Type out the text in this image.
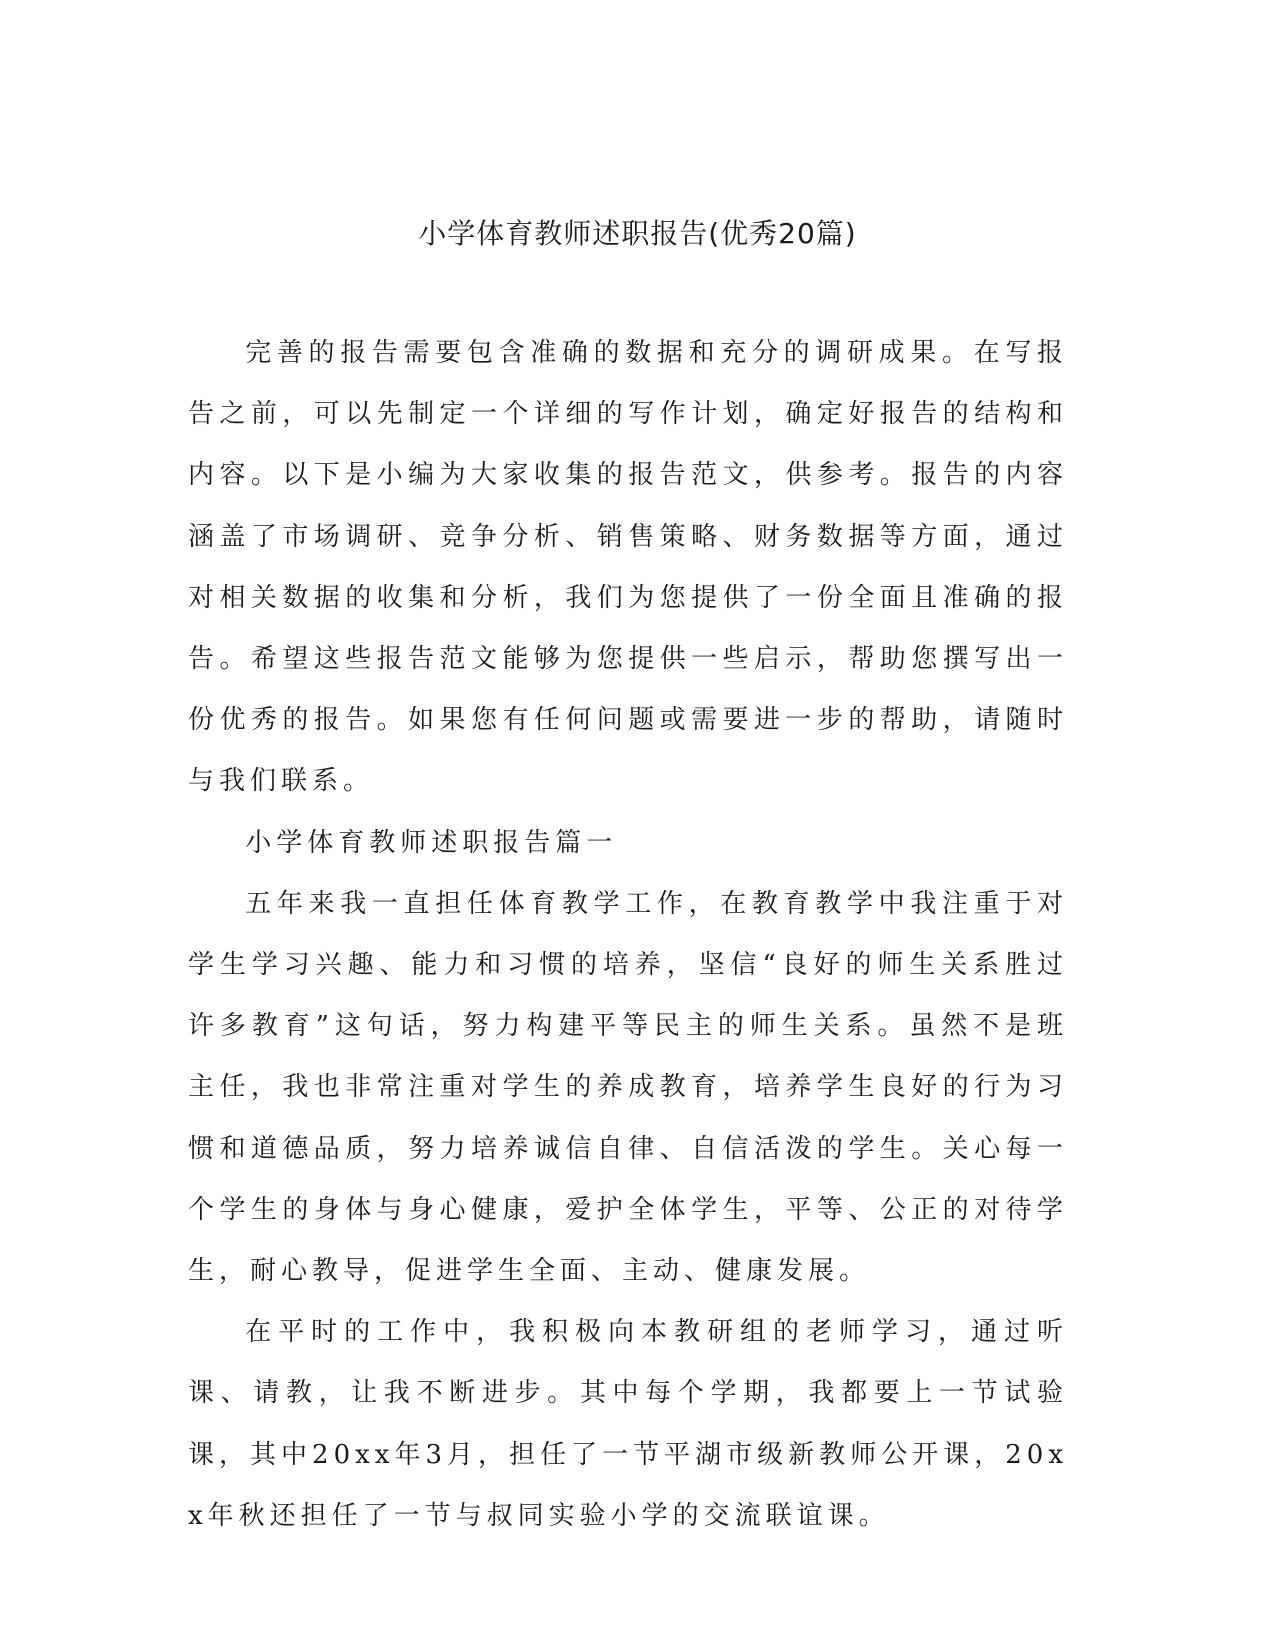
小学体育教师述职报告(优秀20篇)

完善的报告需要包含准确的数据和充分的调研成果。在写报告之前，可以先制定一个详细的写作计划，确定好报告的结构和内容。以下是小编为大家收集的报告范文，供参考。报告的内容涵盖了市场调研、竞争分析、销售策略、财务数据等方面，通过对相关数据的收集和分析，我们为您提供了一份全面且准确的报告。希望这些报告范文能够为您提供一些启示，帮助您撰写出一份优秀的报告。如果您有任何问题或需要进一步的帮助，请随时与我们联系。

小学体育教师述职报告篇一

五年来我一直担任体育教学工作，在教育教学中我注重于对学生学习兴趣、能力和习惯的培养，坚信“良好的师生关系胜过许多教育”这句话，努力构建平等民主的师生关系。虽然不是班主任，我也非常注重对学生的养成教育，培养学生良好的行为习惯和道德品质，努力培养诚信自律、自信活泼的学生。关心每一个学生的身体与身心健康，爱护全体学生，平等、公正的对待学生，耐心教导，促进学生全面、主动、健康发展。

在平时的工作中，我积极向本教研组的老师学习，通过听课、请教，让我不断进步。其中每个学期，我都要上一节试验课，其中20xx年3月，担任了一节平湖市级新教师公开课，20xx年秋还担任了一节与叔同实验小学的交流联谊课。
